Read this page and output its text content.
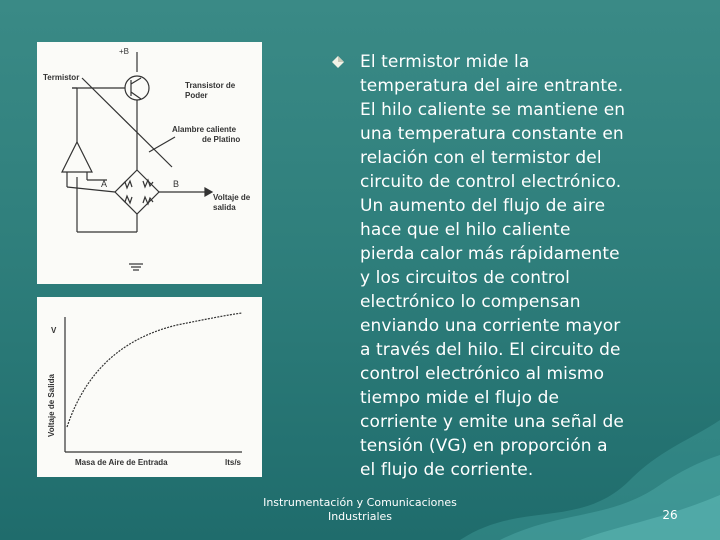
+B
Termistor
Transistor de
Poder
Alambre caliente
de Platino
A	B
Voltaje de
salida
V
Voltaje de Salida
Masa de Aire de Entrada	lts/s
El termistor mide la
temperatura del aire entrante.
El hilo caliente se mantiene en
una temperatura constante en
relación con el termistor del
circuito de control electrónico.
Un aumento del flujo de aire
hace que el hilo caliente
pierda calor más rápidamente
y los circuitos de control
electrónico lo compensan
enviando una corriente mayor
a través del hilo. El circuito de
control electrónico al mismo
tiempo mide el flujo de
corriente y emite una señal de
tensión (VG) en proporción a
el flujo de corriente.
Instrumentación y Comunicaciones
Industriales	26
